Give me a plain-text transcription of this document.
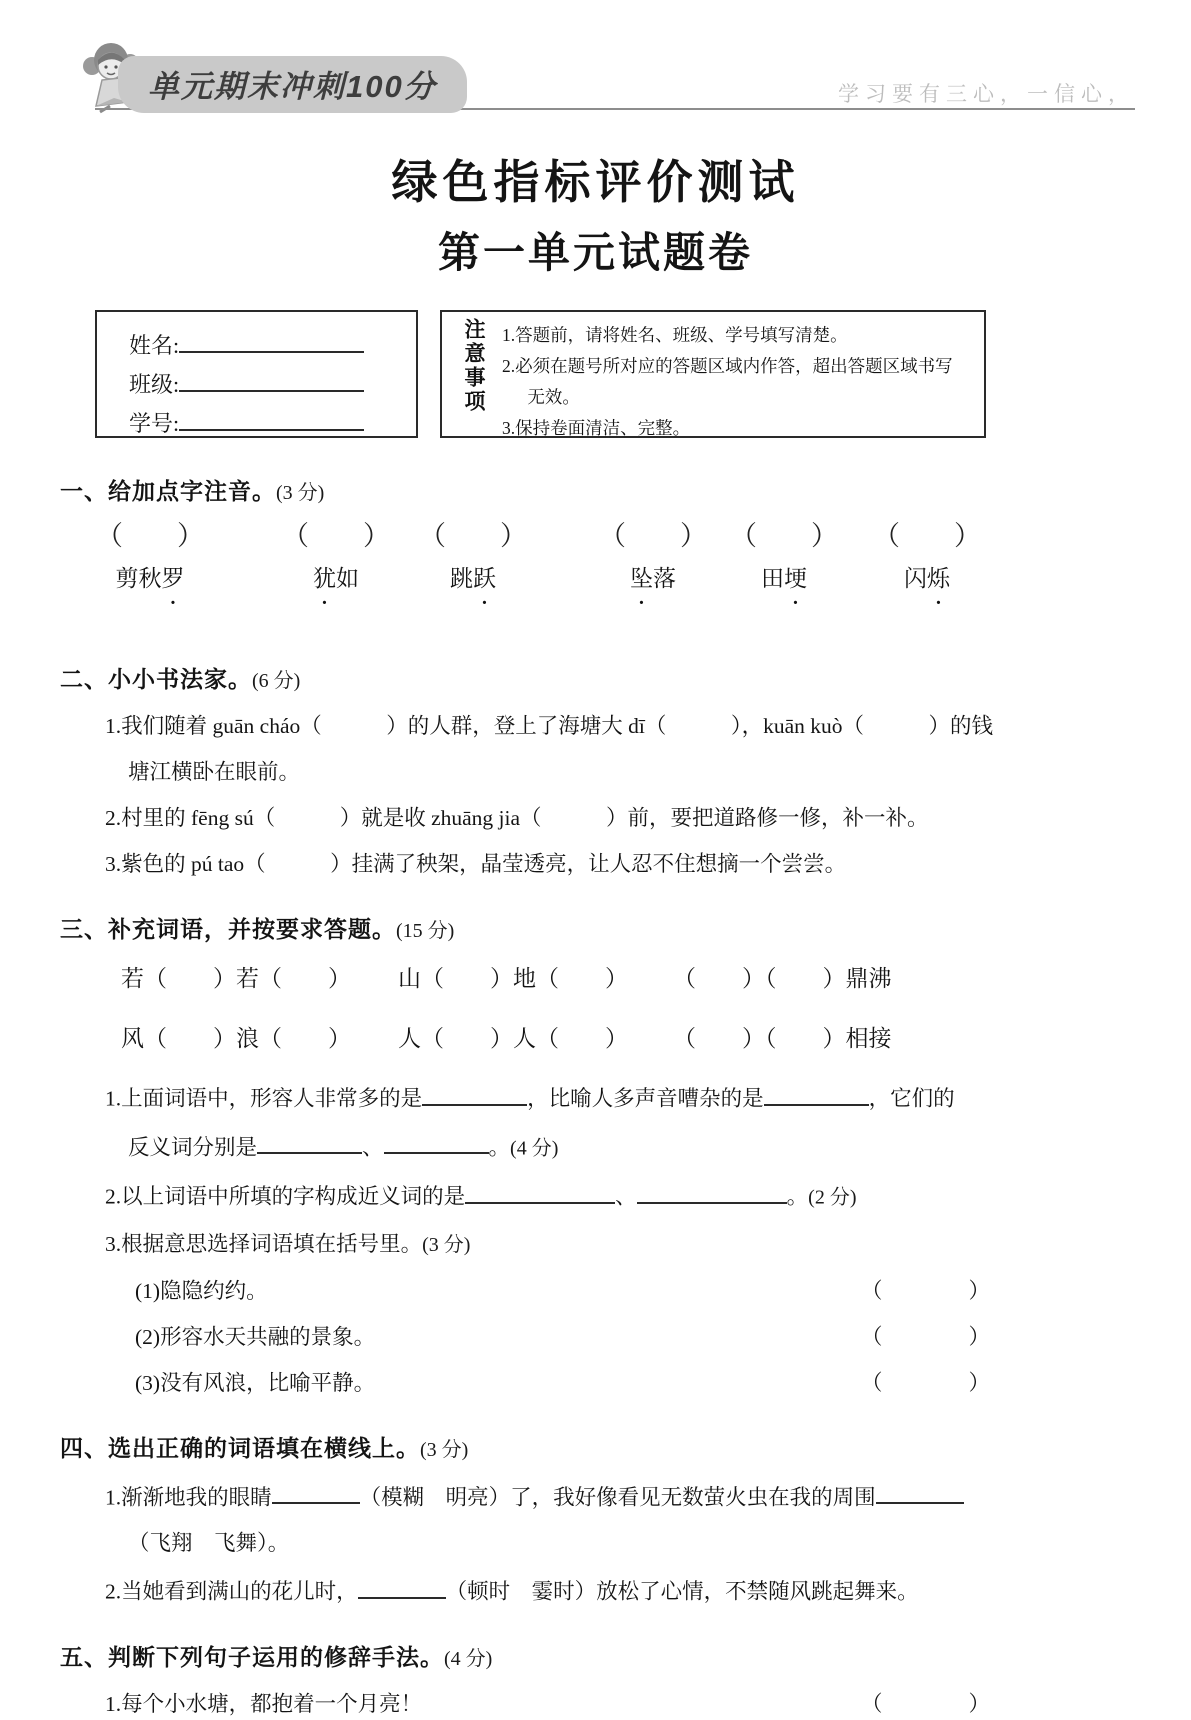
单元期末冲刺100分	学习要有三心，一信心，
绿色指标评价测试
第一单元试题卷
姓名:
班级:
学号:
注意事项 1.答题前，请将姓名、班级、学号填写清楚。
2.必须在题号所对应的答题区域内作答，超出答题区域书写
无效。
3.保持卷面清洁、完整。
一、给加点字注音。(3 分)
（　　）
剪秋罗
（　　）
犹如
（　　）
跳跃
（　　）
坠落
（　　）
田埂
（　　）
闪烁
二、小小书法家。(6 分)
1.我们随着 guān cháo（　　　）的人群，登上了海塘大 dī（　　　），kuān kuò（　　　）的钱
塘江横卧在眼前。
2.村里的 fēng sú（　　　）就是收 zhuāng jia（　　　）前，要把道路修一修，补一补。
3.紫色的 pú tao（　　　）挂满了秧架，晶莹透亮，让人忍不住想摘一个尝尝。
三、补充词语，并按要求答题。(15 分)
若（　　）若（　　） 山（　　）地（　　） （　　）（　　）鼎沸
风（　　）浪（　　） 人（　　）人（　　） （　　）（　　）相接
1.上面词语中，形容人非常多的是	，比喻人多声音嘈杂的是	，它们的
反义词分别是	、	。(4 分)
2.以上词语中所填的字构成近义词的是	、	。(2 分)
3.根据意思选择词语填在括号里。(3 分)
(1)隐隐约约。	（　　　　）
(2)形容水天共融的景象。	（　　　　）
(3)没有风浪，比喻平静。	（　　　　）
四、选出正确的词语填在横线上。(3 分)
1.渐渐地我的眼睛	（模糊　明亮）了，我好像看见无数萤火虫在我的周围
（飞翔　飞舞）。
2.当她看到满山的花儿时，	（顿时　霎时）放松了心情，不禁随风跳起舞来。
五、判断下列句子运用的修辞手法。(4 分)
1.每个小水塘，都抱着一个月亮！	（　　　　）
